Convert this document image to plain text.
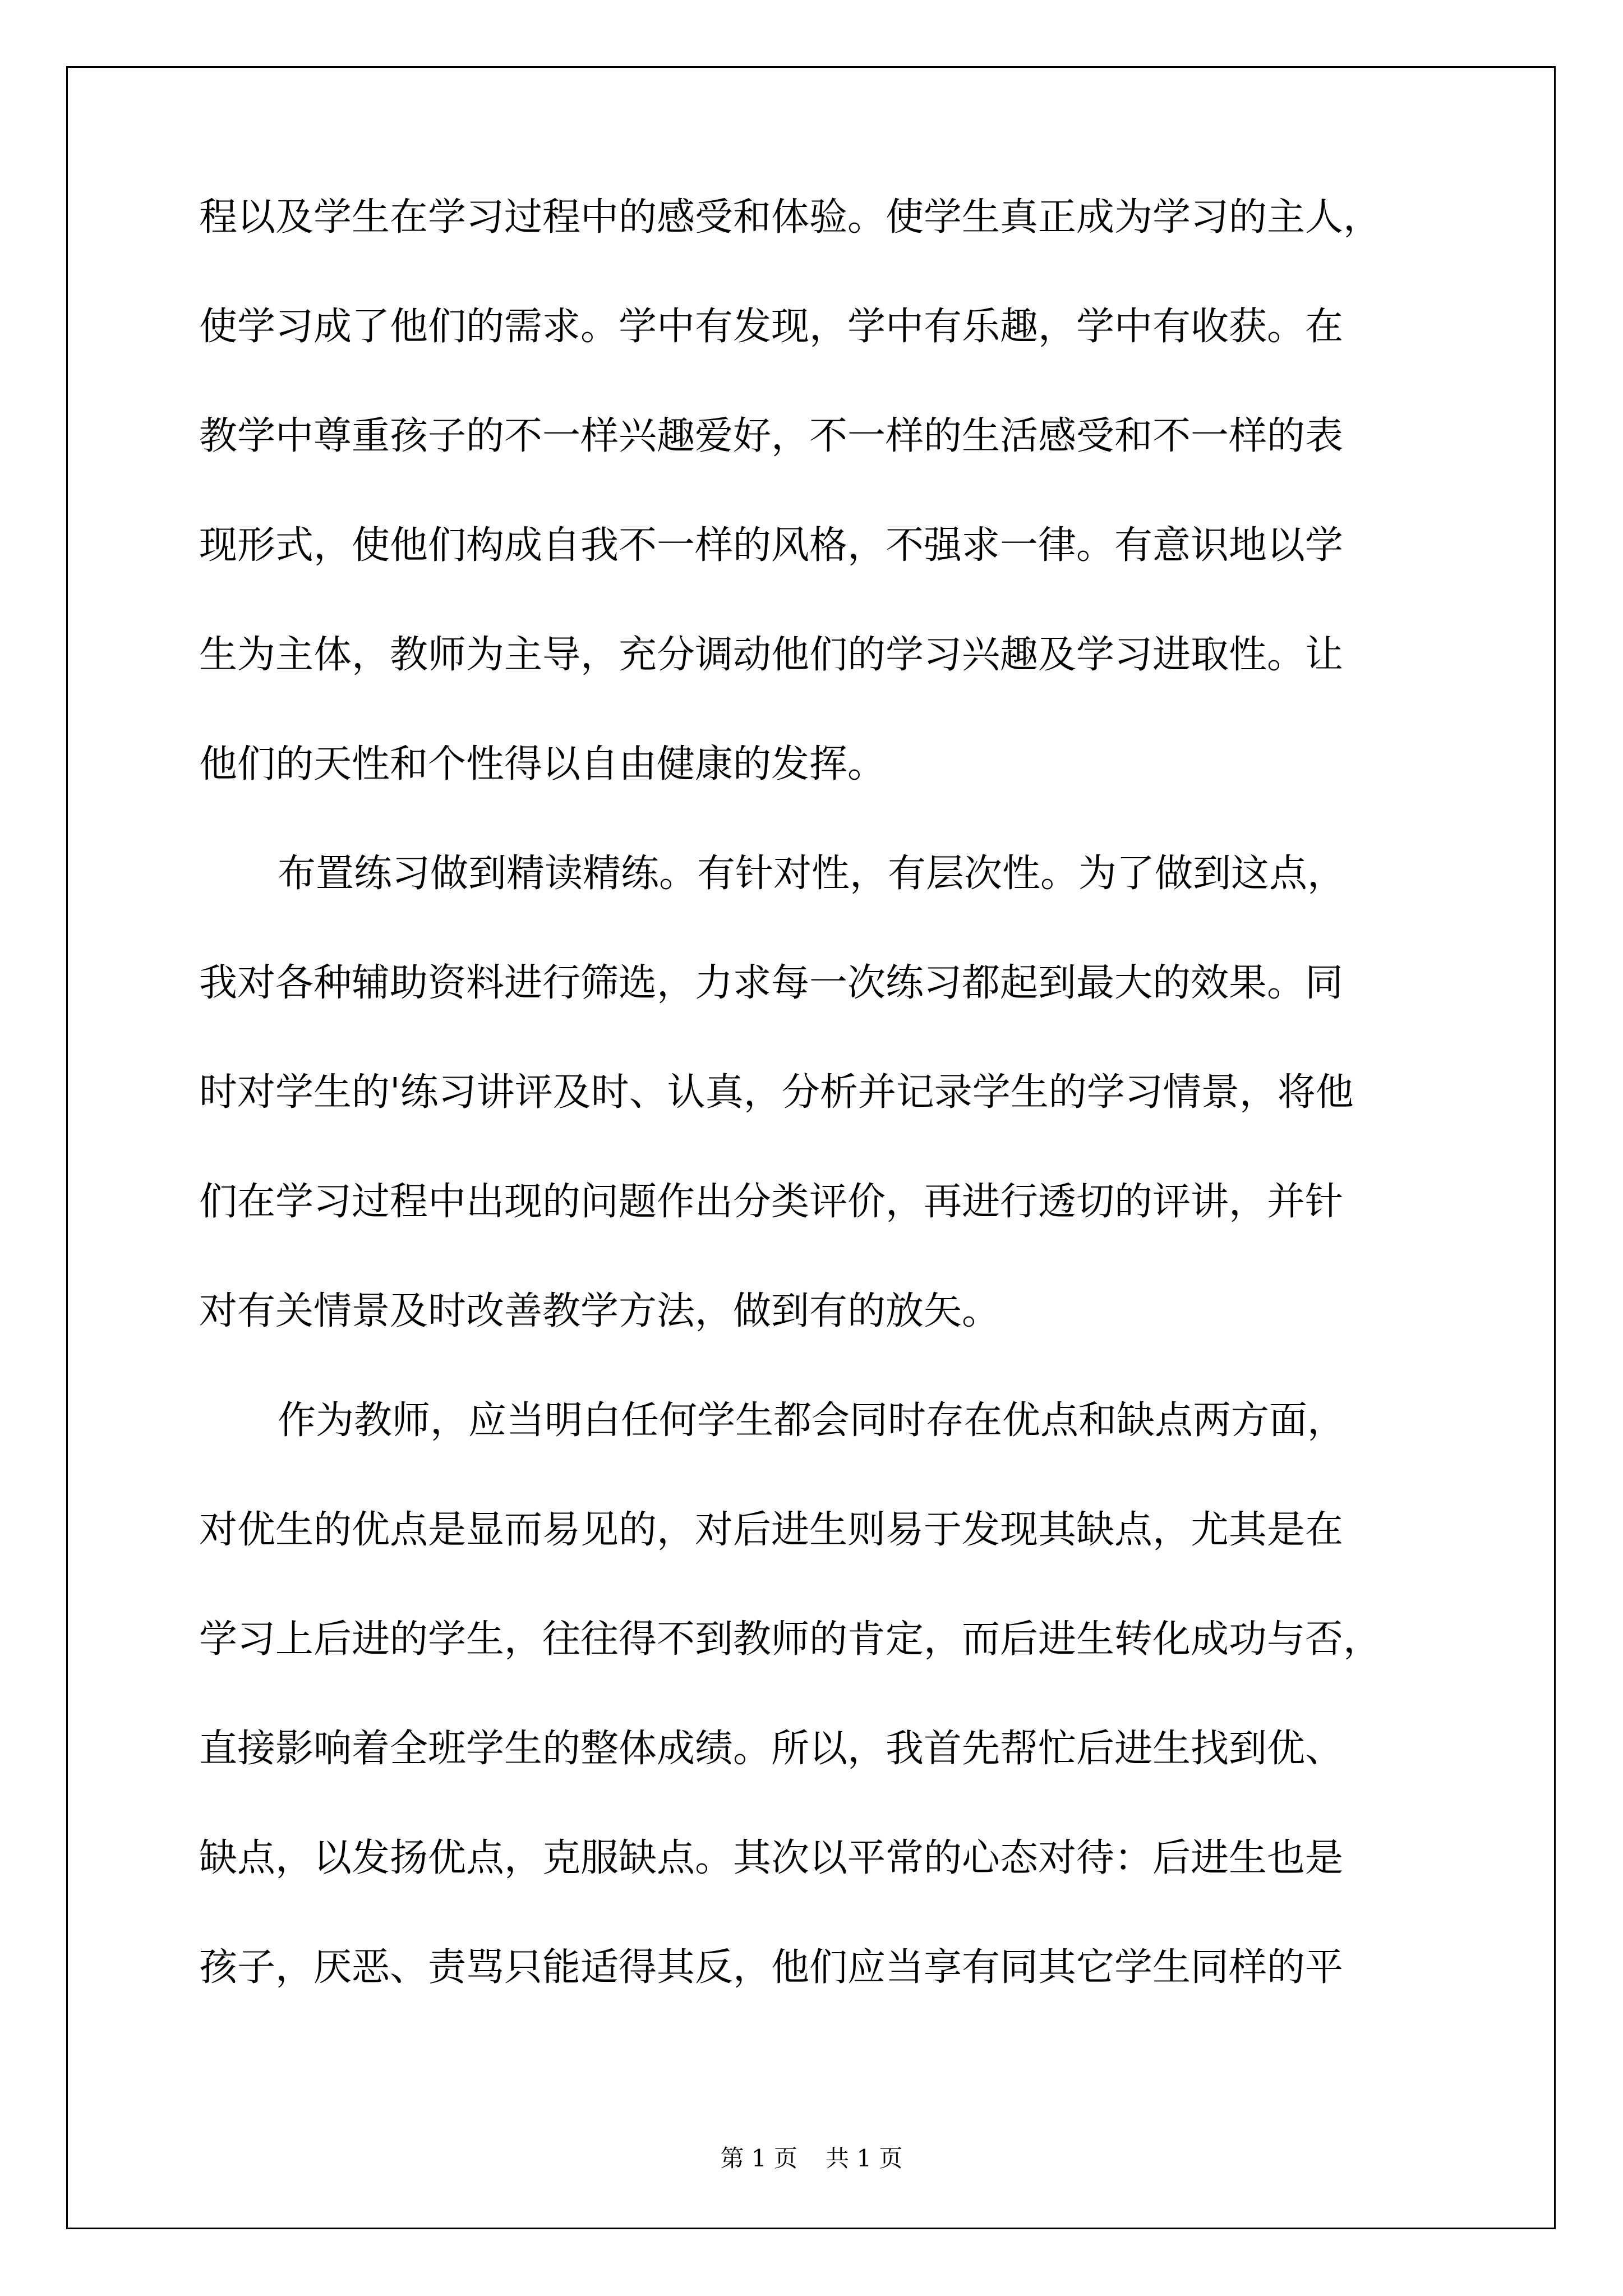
程以及学生在学习过程中的感受和体验。使学生真正成为学习的主人，
使学习成了他们的需求。学中有发现，学中有乐趣，学中有收获。在
教学中尊重孩子的不一样兴趣爱好，不一样的生活感受和不一样的表
现形式，使他们构成自我不一样的风格，不强求一律。有意识地以学
生为主体，教师为主导，充分调动他们的学习兴趣及学习进取性。让
他们的天性和个性得以自由健康的发挥。
布置练习做到精读精练。有针对性，有层次性。为了做到这点，
我对各种辅助资料进行筛选，力求每一次练习都起到最大的效果。同
时对学生的'练习讲评及时、认真，分析并记录学生的学习情景，将他
们在学习过程中出现的问题作出分类评价，再进行透切的评讲，并针
对有关情景及时改善教学方法，做到有的放矢。
作为教师，应当明白任何学生都会同时存在优点和缺点两方面，
对优生的优点是显而易见的，对后进生则易于发现其缺点，尤其是在
学习上后进的学生，往往得不到教师的肯定，而后进生转化成功与否，
直接影响着全班学生的整体成绩。所以，我首先帮忙后进生找到优、
缺点，以发扬优点，克服缺点。其次以平常的心态对待：后进生也是
孩子，厌恶、责骂只能适得其反，他们应当享有同其它学生同样的平
第 1 页 共 1 页
